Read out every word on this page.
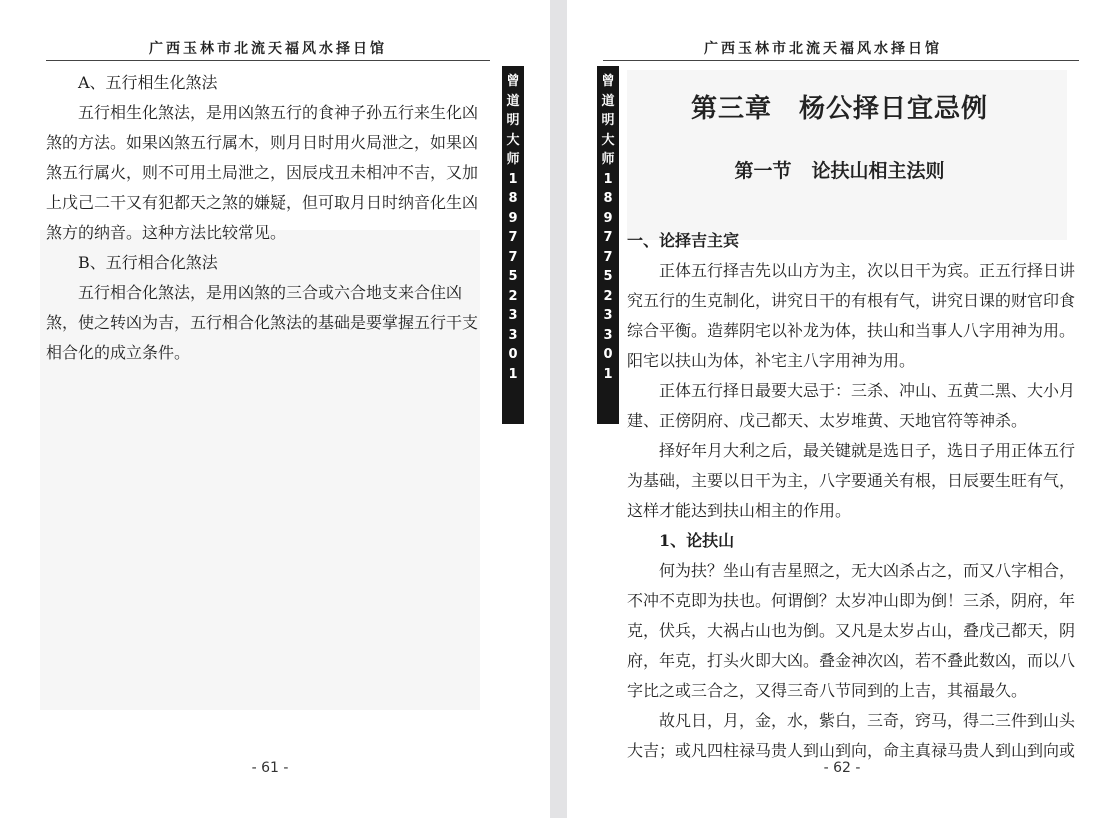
广西玉林市北流天福风水择日馆

A、五行相生化煞法

五行相生化煞法，是用凶煞五行的食神子孙五行来生化凶煞的方法。如果凶煞五行属木，则月日时用火局泄之，如果凶煞五行属火，则不可用土局泄之，因辰戌丑未相冲不吉，又加上戊己二干又有犯都天之煞的嫌疑，但可取月日时纳音化生凶煞方的纳音。这种方法比较常见。

B、五行相合化煞法

五行相合化煞法，是用凶煞的三合或六合地支来合住凶煞，使之转凶为吉，五行相合化煞法的基础是要掌握五行干支相合化的成立条件。

- 61 -
曾
道
明
大
师
1
8
9
7
7
5
2
3
3
0
1
广西玉林市北流天福风水择日馆
第三章　杨公择日宜忌例
第一节 论扶山相主法则

一、论择吉主宾

正体五行择吉先以山方为主，次以日干为宾。正五行择日讲究五行的生克制化，讲究日干的有根有气，讲究日课的财官印食综合平衡。造葬阴宅以补龙为体，扶山和当事人八字用神为用。阳宅以扶山为体，补宅主八字用神为用。

正体五行择日最要大忌于：三杀、冲山、五黄二黑、大小月建、正傍阴府、戊己都天、太岁堆黄、天地官符等神杀。

择好年月大利之后，最关键就是选日子，选日子用正体五行为基础，主要以日干为主，八字要通关有根，日辰要生旺有气，这样才能达到扶山相主的作用。

1、论扶山

何为扶？坐山有吉星照之，无大凶杀占之，而又八字相合，不冲不克即为扶也。何谓倒？太岁冲山即为倒！三杀，阴府，年克，伏兵，大祸占山也为倒。又凡是太岁占山，叠戊己都天，阴府，年克，打头火即大凶。叠金神次凶，若不叠此数凶，而以八字比之或三合之，又得三奇八节同到的上吉，其福最久。

故凡日，月，金，水，紫白，三奇，窍马，得二三件到山头大吉；或凡四柱禄马贵人到山到向，命主真禄马贵人到山到向或

- 62 -
曾
道
明
大
师
1
8
9
7
7
5
2
3
3
0
1
